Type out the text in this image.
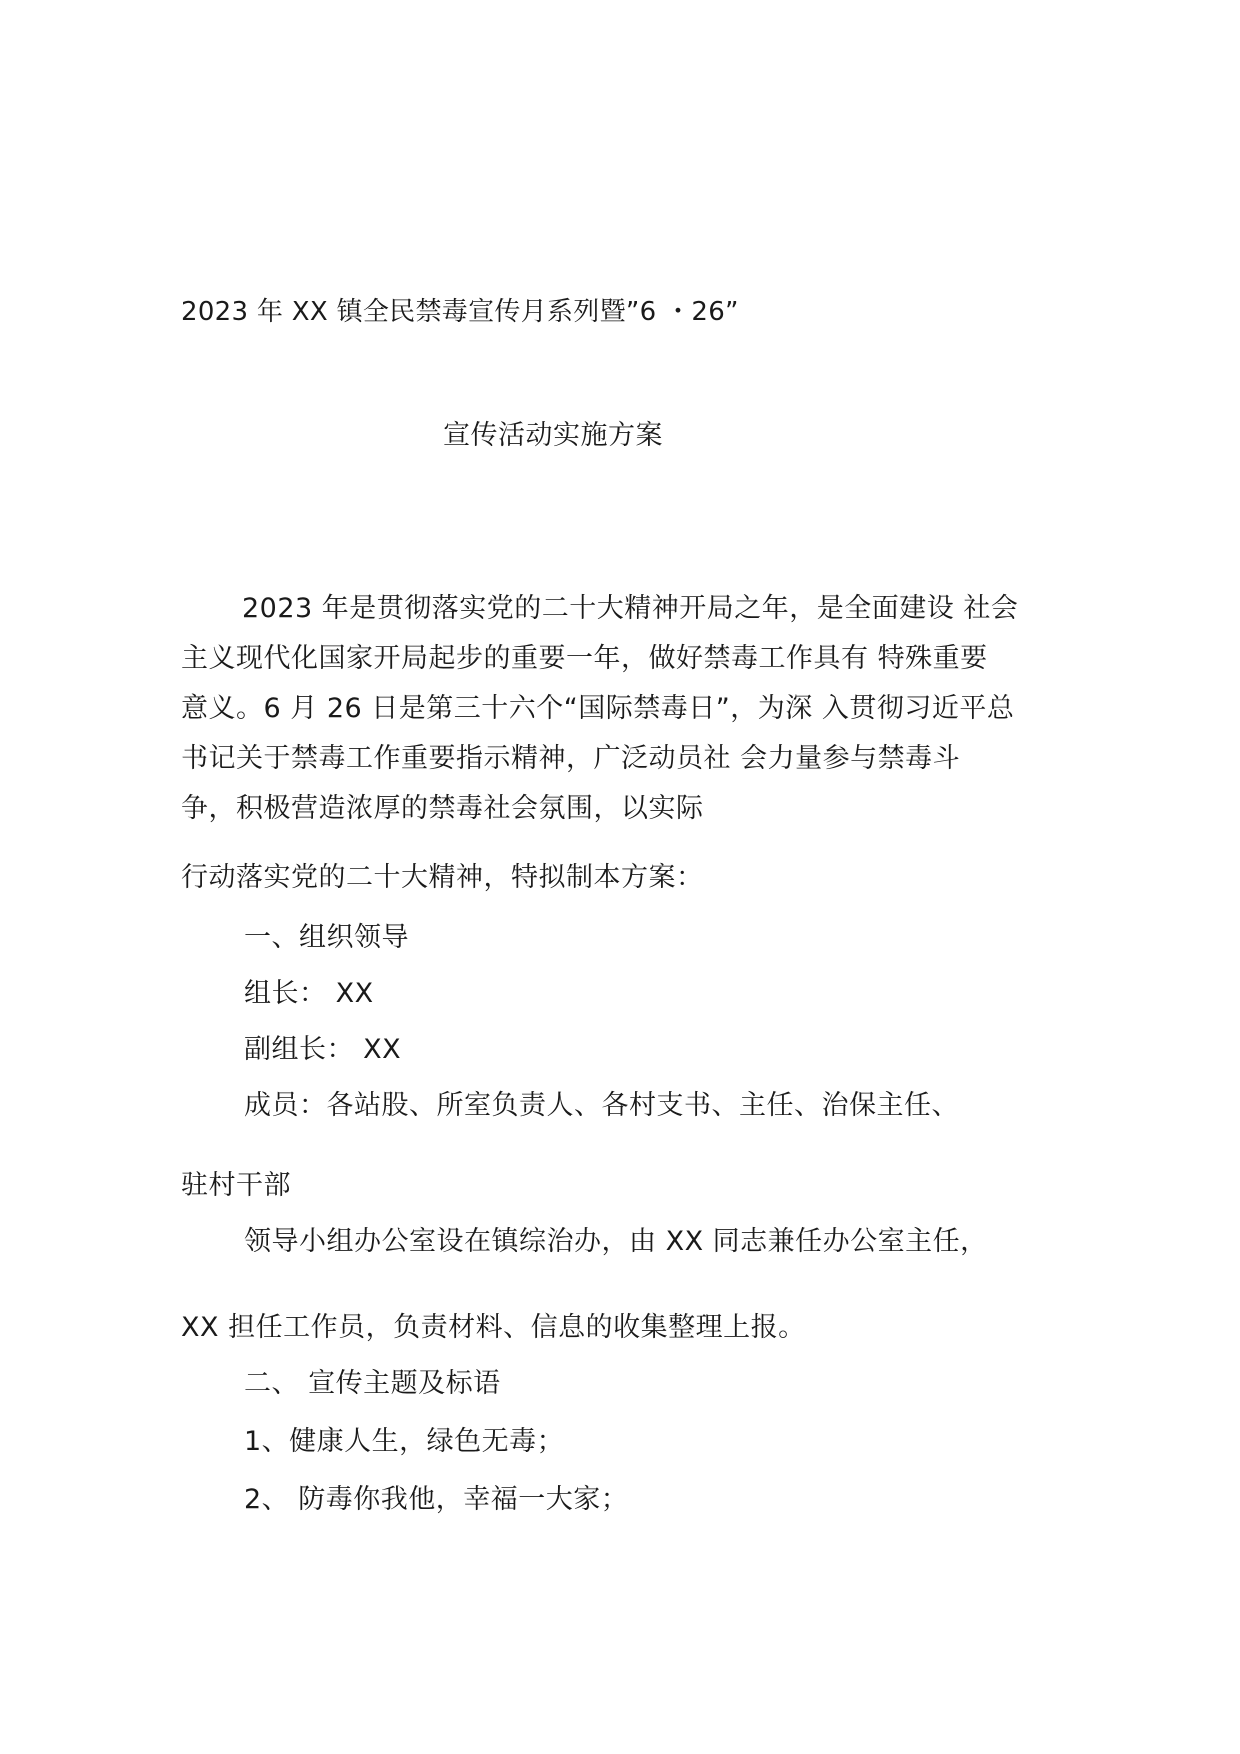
2023 年 XX 镇全民禁毒宣传月系列暨”6 ・26”
宣传活动实施方案
2023 年是贯彻落实党的二十大精神开局之年，是全面建设 社会
主义现代化国家开局起步的重要一年，做好禁毒工作具有 特殊重要
意义。6 月 26 日是第三十六个“国际禁毒日”，为深 入贯彻习近平总
书记关于禁毒工作重要指示精神，广泛动员社 会力量参与禁毒斗
争，积极营造浓厚的禁毒社会氛围，以实际
行动落实党的二十大精神，特拟制本方案：
一、组织领导
组长： XX
副组长： XX
成员：各站股、所室负责人、各村支书、主任、治保主任、
驻村干部
领导小组办公室设在镇综治办，由 XX 同志兼任办公室主任，
XX 担任工作员，负责材料、信息的收集整理上报。
二、 宣传主题及标语
1、健康人生，绿色无毒；
2、 防毒你我他，幸福一大家；
